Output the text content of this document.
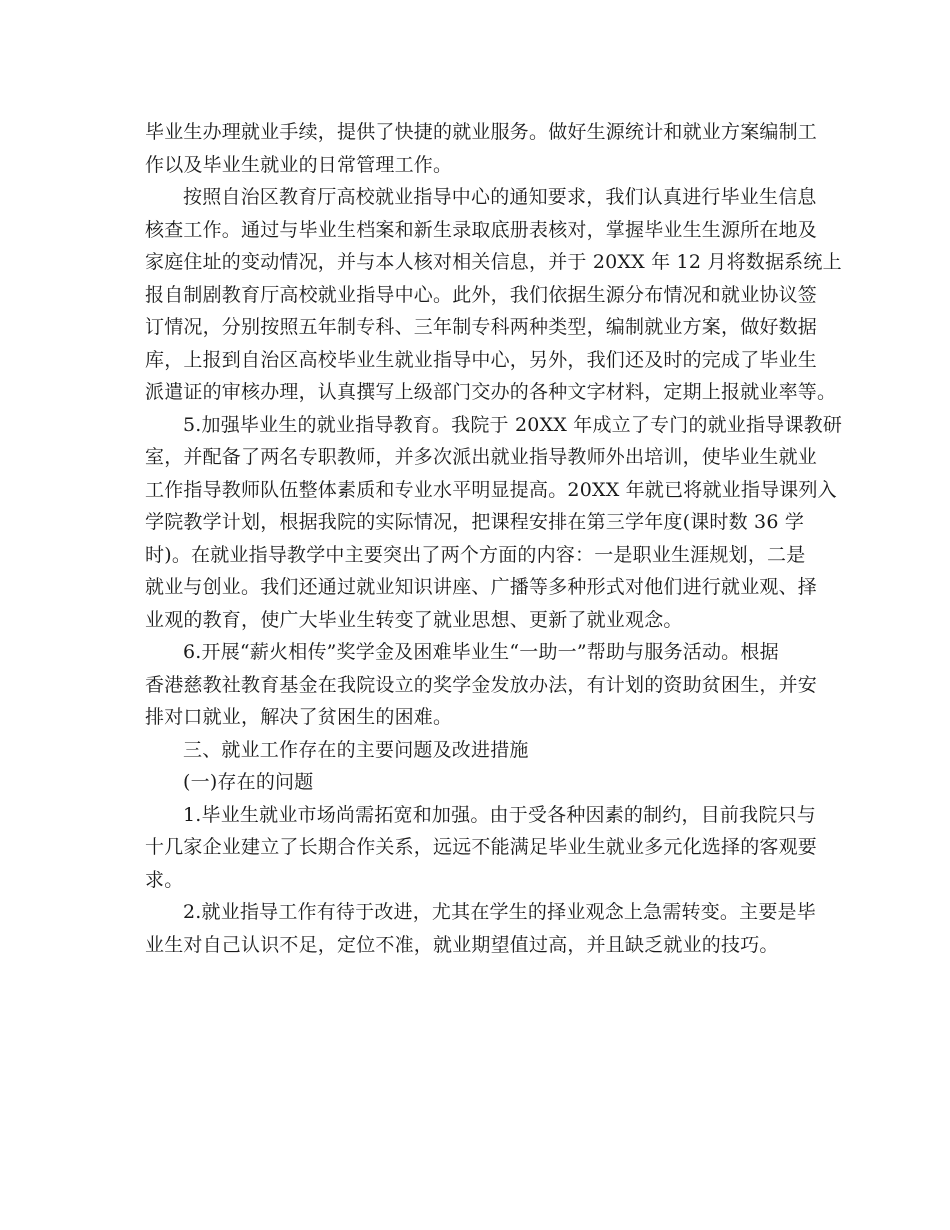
毕业生办理就业手续，提供了快捷的就业服务。做好生源统计和就业方案编制工
作以及毕业生就业的日常管理工作。
按照自治区教育厅高校就业指导中心的通知要求，我们认真进行毕业生信息
核查工作。通过与毕业生档案和新生录取底册表核对，掌握毕业生生源所在地及
家庭住址的变动情况，并与本人核对相关信息，并于 20XX 年 12 月将数据系统上
报自制剧教育厅高校就业指导中心。此外，我们依据生源分布情况和就业协议签
订情况，分别按照五年制专科、三年制专科两种类型，编制就业方案，做好数据
库，上报到自治区高校毕业生就业指导中心，另外，我们还及时的完成了毕业生
派遣证的审核办理，认真撰写上级部门交办的各种文字材料，定期上报就业率等。
5.加强毕业生的就业指导教育。我院于 20XX 年成立了专门的就业指导课教研
室，并配备了两名专职教师，并多次派出就业指导教师外出培训，使毕业生就业
工作指导教师队伍整体素质和专业水平明显提高。20XX 年就已将就业指导课列入
学院教学计划，根据我院的实际情况，把课程安排在第三学年度(课时数 36 学
时)。在就业指导教学中主要突出了两个方面的内容：一是职业生涯规划，二是
就业与创业。我们还通过就业知识讲座、广播等多种形式对他们进行就业观、择
业观的教育，使广大毕业生转变了就业思想、更新了就业观念。
6.开展“薪火相传”奖学金及困难毕业生“一助一”帮助与服务活动。根据
香港慈教社教育基金在我院设立的奖学金发放办法，有计划的资助贫困生，并安
排对口就业，解决了贫困生的困难。
三、就业工作存在的主要问题及改进措施
(一)存在的问题
1.毕业生就业市场尚需拓宽和加强。由于受各种因素的制约，目前我院只与
十几家企业建立了长期合作关系，远远不能满足毕业生就业多元化选择的客观要
求。
2.就业指导工作有待于改进，尤其在学生的择业观念上急需转变。主要是毕
业生对自己认识不足，定位不准，就业期望值过高，并且缺乏就业的技巧。
